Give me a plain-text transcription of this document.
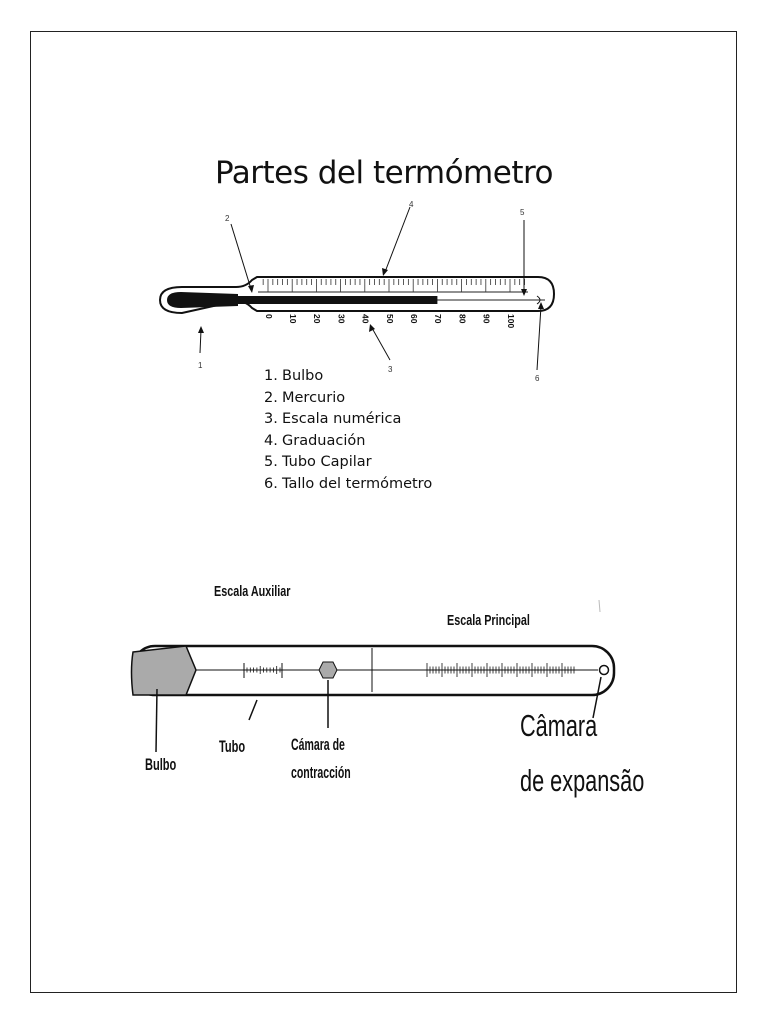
Partes del termómetro
0 10 20 30 40 50 60 70 80 90 100
1
2
3
4
5
6
1. Bulbo
2. Mercurio
3. Escala numérica
4. Graduación
5. Tubo Capilar
6. Tallo del termómetro
Escala Auxiliar
Escala Principal
Bulbo
Tubo	Cámara de
contracción
Câmara
de expansão
